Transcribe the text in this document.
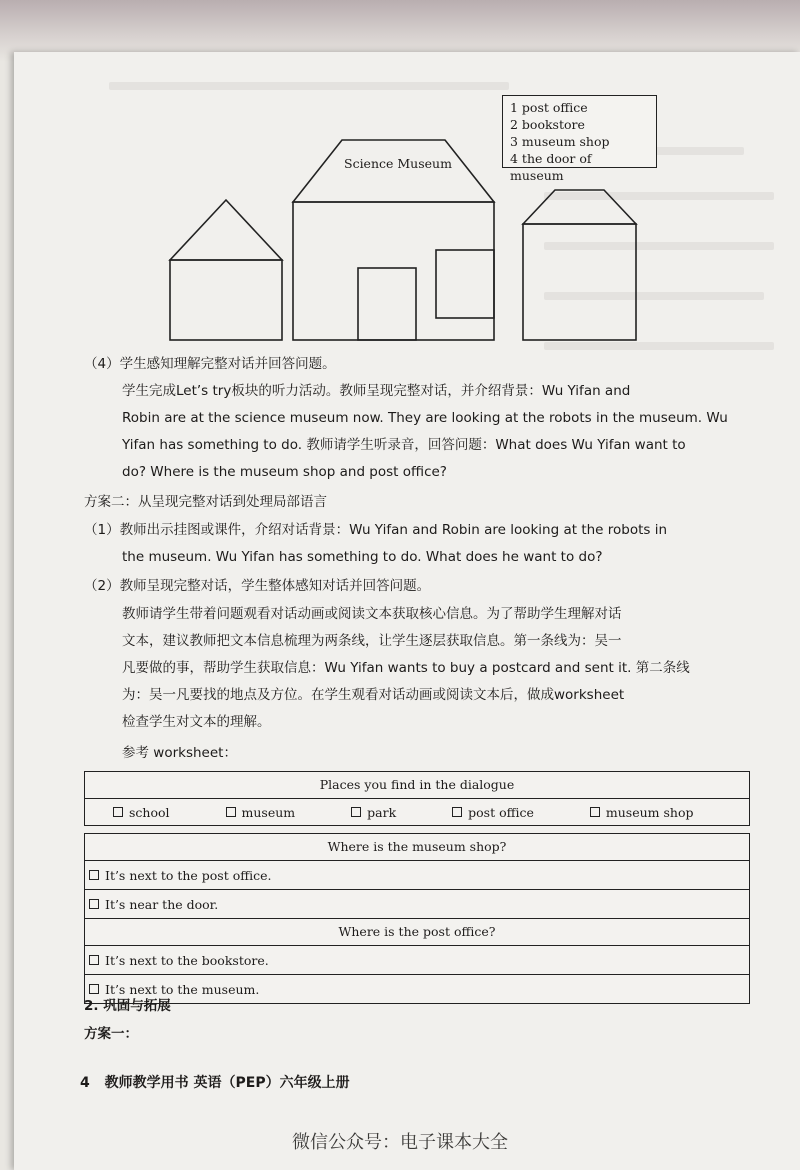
Science Museum
1 post office
2 bookstore
3 museum shop
4 the door of museum
（4）学生感知理解完整对话并回答问题。
学生完成Let’s try板块的听力活动。教师呈现完整对话，并介绍背景：Wu Yifan and
Robin are at the science museum now. They are looking at the robots in the museum. Wu
Yifan has something to do. 教师请学生听录音，回答问题：What does Wu Yifan want to
do? Where is the museum shop and post office?
方案二：从呈现完整对话到处理局部语言
（1）教师出示挂图或课件，介绍对话背景：Wu Yifan and Robin are looking at the robots in
the museum. Wu Yifan has something to do. What does he want to do?
（2）教师呈现完整对话，学生整体感知对话并回答问题。
教师请学生带着问题观看对话动画或阅读文本获取核心信息。为了帮助学生理解对话
文本，建议教师把文本信息梳理为两条线，让学生逐层获取信息。第一条线为：吴一
凡要做的事，帮助学生获取信息：Wu Yifan wants to buy a postcard and sent it. 第二条线
为：吴一凡要找的地点及方位。在学生观看对话动画或阅读文本后，做成worksheet
检查学生对文本的理解。
参考 worksheet：
Places you find in the dialogue
school	museum	park	post office	museum shop
Where is the museum shop?
It’s next to the post office.
It’s near the door.
Where is the post office?
It’s next to the bookstore.
It’s next to the museum.
2. 巩固与拓展
方案一：
4 教师教学用书 英语（PEP）六年级上册
微信公众号：电子课本大全
